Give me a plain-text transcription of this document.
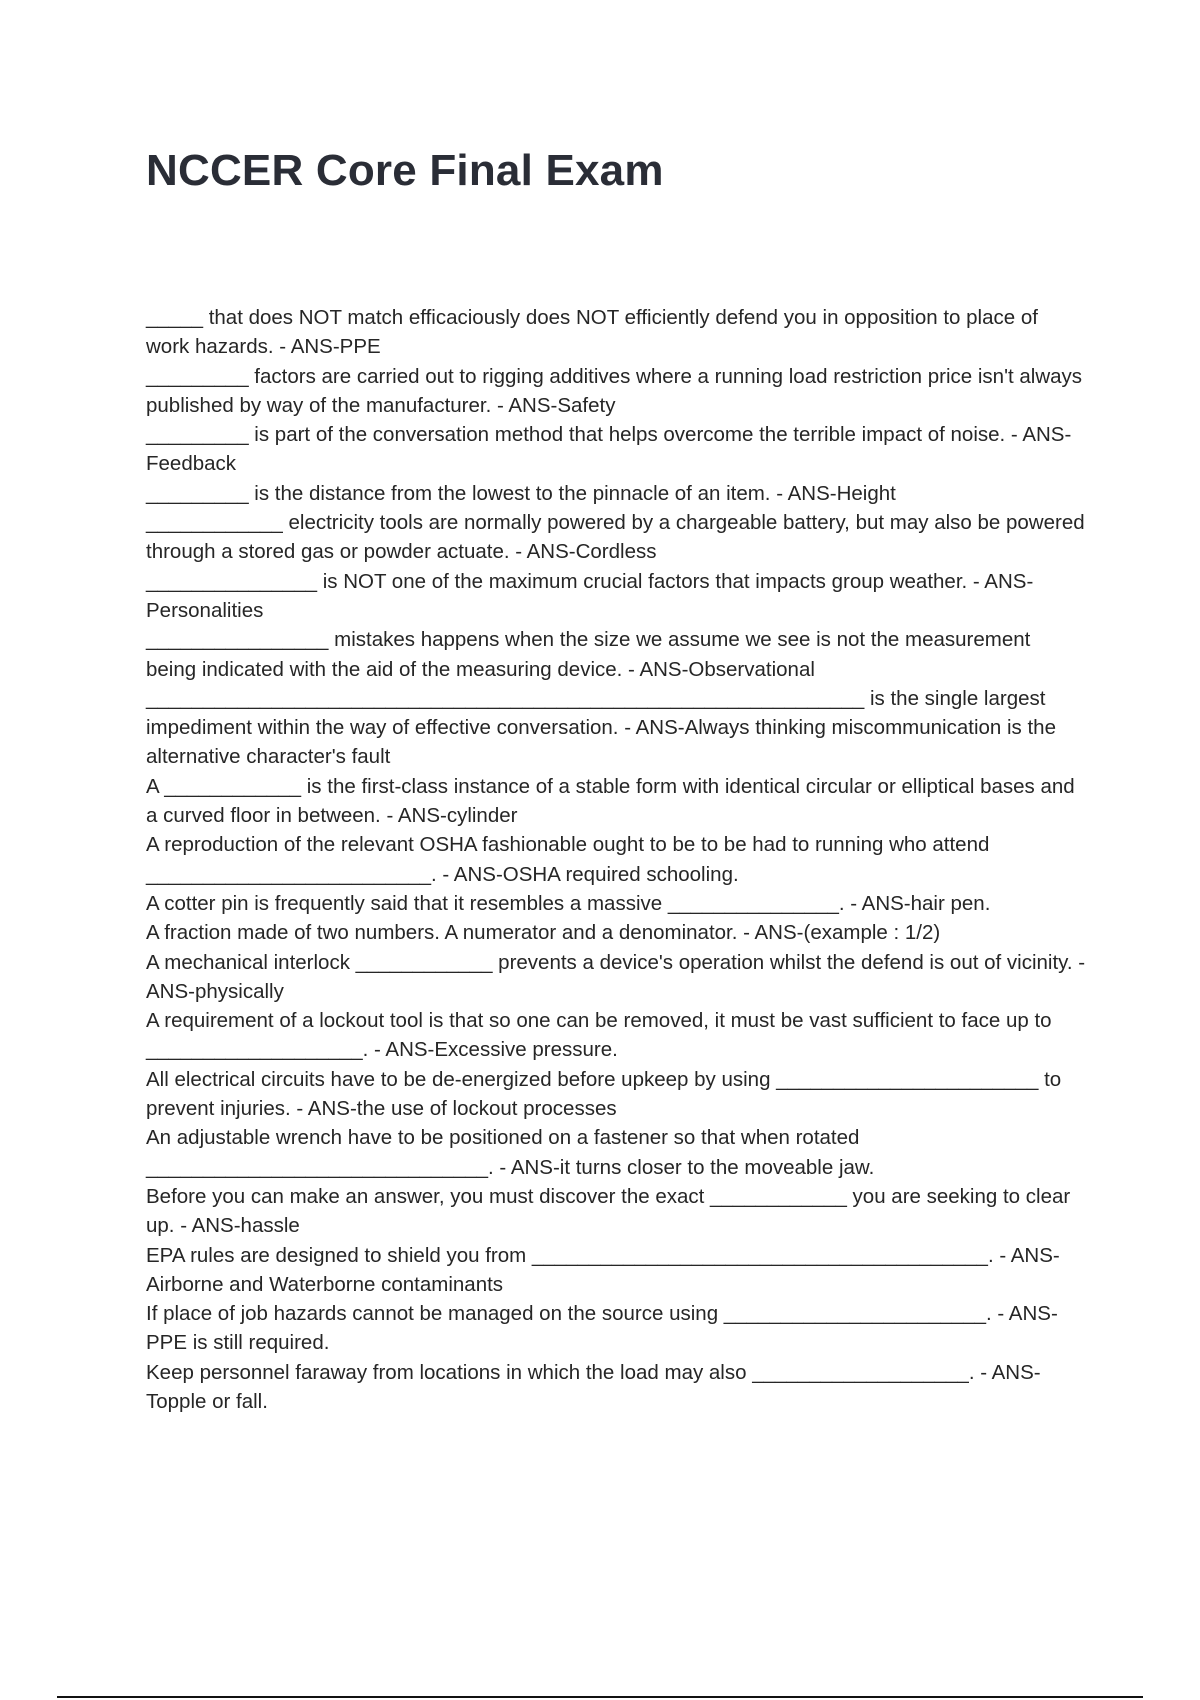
NCCER Core Final Exam
_____ that does NOT match efficaciously does NOT efficiently defend you in opposition to place of work hazards. - ANS-PPE
_________ factors are carried out to rigging additives where a running load restriction price isn't always published by way of the manufacturer. - ANS-Safety
_________ is part of the conversation method that helps overcome the terrible impact of noise. - ANS-Feedback
_________ is the distance from the lowest to the pinnacle of an item. - ANS-Height
____________ electricity tools are normally powered by a chargeable battery, but may also be powered through a stored gas or powder actuate. - ANS-Cordless
_______________ is NOT one of the maximum crucial factors that impacts group weather. - ANS-Personalities
________________ mistakes happens when the size we assume we see is not the measurement being indicated with the aid of the measuring device. - ANS-Observational
_______________________________________________________________ is the single largest impediment within the way of effective conversation. - ANS-Always thinking miscommunication is the alternative character's fault
A ____________ is the first-class instance of a stable form with identical circular or elliptical bases and a curved floor in between. - ANS-cylinder
A reproduction of the relevant OSHA fashionable ought to be to be had to running who attend _________________________. - ANS-OSHA required schooling.
A cotter pin is frequently said that it resembles a massive _______________. - ANS-hair pen.
A fraction made of two numbers. A numerator and a denominator. - ANS-(example : 1/2)
A mechanical interlock ____________ prevents a device's operation whilst the defend is out of vicinity. - ANS-physically
A requirement of a lockout tool is that so one can be removed, it must be vast sufficient to face up to ___________________. - ANS-Excessive pressure.
All electrical circuits have to be de-energized before upkeep by using _______________________ to prevent injuries. - ANS-the use of lockout processes
An adjustable wrench have to be positioned on a fastener so that when rotated ______________________________. - ANS-it turns closer to the moveable jaw.
Before you can make an answer, you must discover the exact ____________ you are seeking to clear up. - ANS-hassle
EPA rules are designed to shield you from ________________________________________. - ANS-Airborne and Waterborne contaminants
If place of job hazards cannot be managed on the source using _______________________. - ANS-PPE is still required.
Keep personnel faraway from locations in which the load may also ___________________. - ANS-Topple or fall.
